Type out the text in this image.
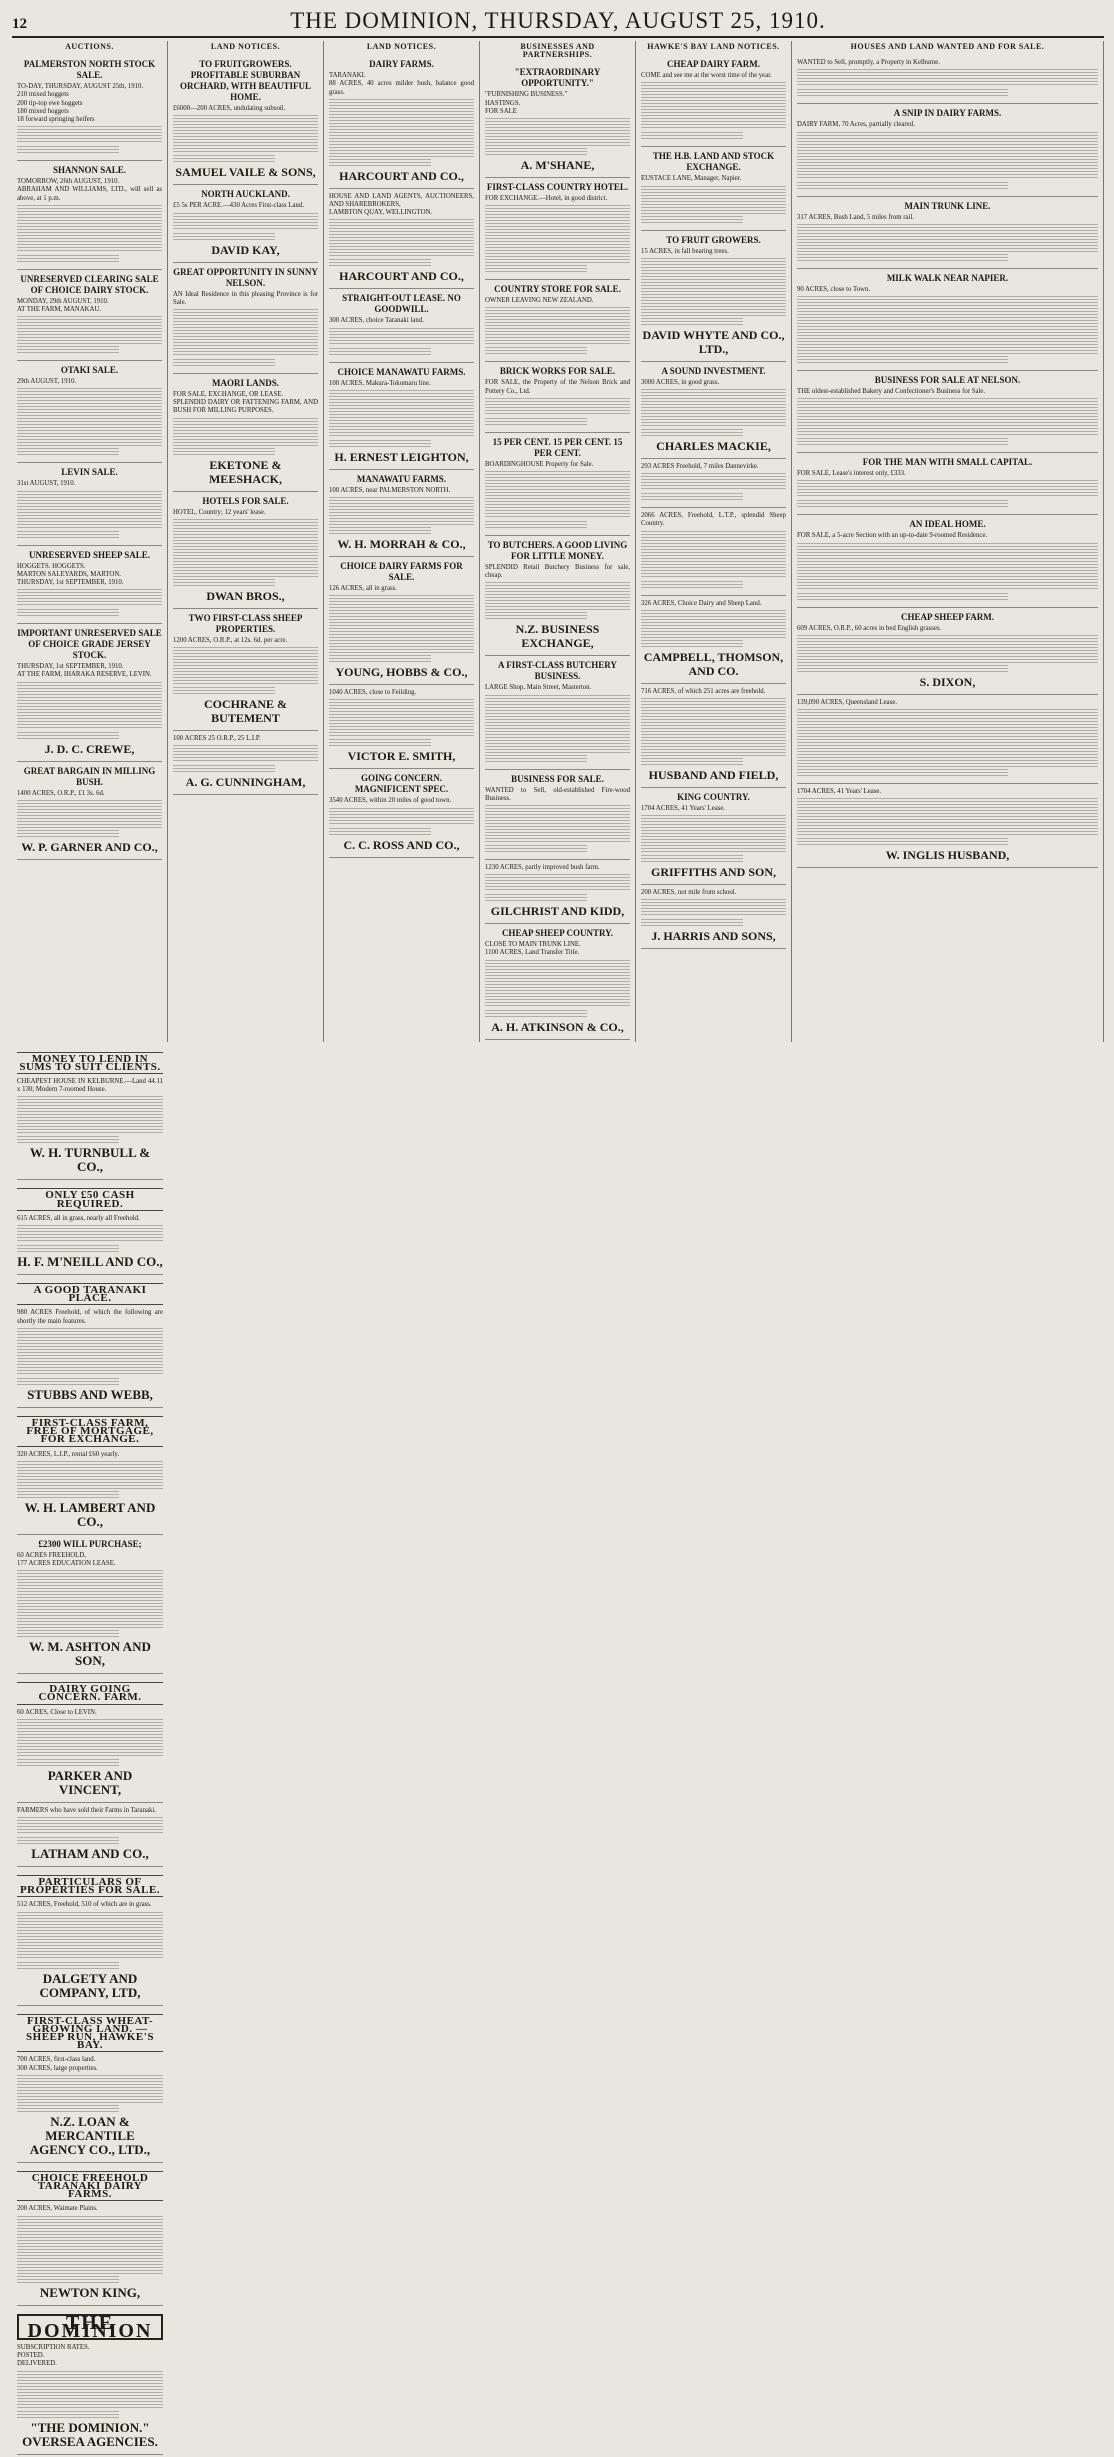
12	THE DOMINION, THURSDAY, AUGUST 25, 1910.
AUCTIONS.
PALMERSTON NORTH STOCK SALE.

TO-DAY, THURSDAY, AUGUST 25th, 1910.

210 mixed hoggets

200 tip-top ewe hoggets

180 mixed hoggets

18 forward springing heifers

SHANNON SALE.

TOMORROW, 26th AUGUST, 1910.

ABRAHAM AND WILLIAMS, LTD., will sell as above, at 1 p.m.

UNRESERVED CLEARING SALE OF CHOICE DAIRY STOCK.

MONDAY, 29th AUGUST, 1910.

AT THE FARM, MANAKAU.

OTAKI SALE.

29th AUGUST, 1910.

LEVIN SALE.

31st AUGUST, 1910.

UNRESERVED SHEEP SALE.

HOGGETS. HOGGETS.

MARTON SALEYARDS, MARTON.

THURSDAY, 1st SEPTEMBER, 1910.

IMPORTANT UNRESERVED SALE OF CHOICE GRADE JERSEY STOCK.

THURSDAY, 1st SEPTEMBER, 1910.

AT THE FARM, IHARAKA RESERVE, LEVIN.

J. D. C. CREWE,
GREAT BARGAIN IN MILLING BUSH.

1400 ACRES, O.R.P., £1 3s. 6d.

W. P. GARNER AND CO.,
LAND NOTICES.
TO FRUITGROWERS. PROFITABLE SUBURBAN ORCHARD, WITH BEAUTIFUL HOME.

£6000—200 ACRES, undulating subsoil.

SAMUEL VAILE & SONS,
NORTH AUCKLAND.

£5 5s PER ACRE.—430 Acres First-class Land.

DAVID KAY,
GREAT OPPORTUNITY IN SUNNY NELSON.

AN Ideal Residence in this pleasing Province is for Sale.

MAORI LANDS.

FOR SALE, EXCHANGE, OR LEASE.

SPLENDID DAIRY OR FATTENING FARM, AND BUSH FOR MILLING PURPOSES.

EKETONE & MEESHACK,
HOTELS FOR SALE.

HOTEL, Country; 12 years' lease.

DWAN BROS.,
TWO FIRST-CLASS SHEEP PROPERTIES.

1200 ACRES, O.R.P., at 12s. 6d. per acre.

COCHRANE & BUTEMENT

100 ACRES 25 O.R.P., 25 L.I.P.

A. G. CUNNINGHAM,
LAND NOTICES.
DAIRY FARMS.

TARANAKI.

88 ACRES, 40 acres milder bush, balance good grass.

HARCOURT AND CO.,

HOUSE AND LAND AGENTS, AUCTIONEERS, AND SHAREBROKERS,

LAMBTON QUAY, WELLINGTON.

HARCOURT AND CO.,
STRAIGHT-OUT LEASE. NO GOODWILL.

300 ACRES, choice Taranaki land.

CHOICE MANAWATU FARMS.

100 ACRES, Makura-Tokomaru line.

H. ERNEST LEIGHTON,
MANAWATU FARMS.

100 ACRES, near PALMERSTON NORTH.

W. H. MORRAH & CO.,
CHOICE DAIRY FARMS FOR SALE.

126 ACRES, all in grass.

YOUNG, HOBBS & CO.,

1040 ACRES, close to Feilding.

VICTOR E. SMITH,
GOING CONCERN. MAGNIFICENT SPEC.

3540 ACRES, within 20 miles of good town.

C. C. ROSS AND CO.,
BUSINESSES AND PARTNERSHIPS.
"EXTRAORDINARY OPPORTUNITY."

"FURNISHING BUSINESS."

HASTINGS.

FOR SALE

A. M'SHANE,
FIRST-CLASS COUNTRY HOTEL.

FOR EXCHANGE.—Hotel, in good district.

COUNTRY STORE FOR SALE.

OWNER LEAVING NEW ZEALAND.

BRICK WORKS FOR SALE.

FOR SALE, the Property of the Nelson Brick and Pottery Co., Ltd.

15 PER CENT. 15 PER CENT. 15 PER CENT.

BOARDINGHOUSE Property for Sale.

TO BUTCHERS. A GOOD LIVING FOR LITTLE MONEY.

SPLENDID Retail Butchery Business for sale, cheap.

N.Z. BUSINESS EXCHANGE,
A FIRST-CLASS BUTCHERY BUSINESS.

LARGE Shop, Main Street, Masterton.

BUSINESS FOR SALE.

WANTED to Sell, old-established Fire-wood Business.

1230 ACRES, partly improved bush farm.

GILCHRIST AND KIDD,
CHEAP SHEEP COUNTRY.

CLOSE TO MAIN TRUNK LINE.

1100 ACRES, Land Transfer Title.

A. H. ATKINSON & CO.,
HAWKE'S BAY LAND NOTICES.
CHEAP DAIRY FARM.

COME and see me at the worst time of the year.

THE H.B. LAND AND STOCK EXCHANGE.

EUSTACE LANE, Manager, Napier.

TO FRUIT GROWERS.

15 ACRES, in fall bearing trees.

DAVID WHYTE AND CO., LTD.,
A SOUND INVESTMENT.

3000 ACRES, in good grass.

CHARLES MACKIE,

293 ACRES Freehold, 7 miles Dannevirke.

2066 ACRES, Freehold, L.T.P., splendid Sheep Country.

326 ACRES, Choice Dairy and Sheep Land.

CAMPBELL, THOMSON, AND CO.

716 ACRES, of which 251 acres are freehold.

HUSBAND AND FIELD,
KING COUNTRY.

1704 ACRES, 41 Years' Lease.

GRIFFITHS AND SON,

200 ACRES, not mile from school.

J. HARRIS AND SONS,
HOUSES AND LAND WANTED AND FOR SALE.

WANTED to Sell, promptly, a Property in Kelburne.

A SNIP IN DAIRY FARMS.

DAIRY FARM, 70 Acres, partially cleared.

MAIN TRUNK LINE.

317 ACRES, Bush Land, 5 miles from rail.

MILK WALK NEAR NAPIER.

90 ACRES, close to Town.

BUSINESS FOR SALE AT NELSON.

THE oldest-established Bakery and Confectioner's Business for Sale.

FOR THE MAN WITH SMALL CAPITAL.

FOR SALE, Lease's interest only, £333.

AN IDEAL HOME.

FOR SALE, a 5-acre Section with an up-to-date 9-roomed Residence.

CHEAP SHEEP FARM.

609 ACRES, O.R.P., 60 acres in bed English grasses.

S. DIXON,

139,090 ACRES, Queensland Lease.

1704 ACRES, 41 Years' Lease.

W. INGLIS HUSBAND,
MONEY TO LEND IN SUMS TO SUIT CLIENTS.

CHEAPEST HOUSE IN KELBURNE.—Land 44.11 x 130; Modern 7-roomed House.

W. H. TURNBULL & CO.,
ONLY £50 CASH REQUIRED.

615 ACRES, all in grass, nearly all Freehold.

H. F. M'NEILL AND CO.,
A GOOD TARANAKI PLACE.

980 ACRES Freehold, of which the following are shortly the main features.

STUBBS AND WEBB,
FIRST-CLASS FARM, FREE OF MORTGAGE, FOR EXCHANGE.

320 ACRES, L.I.P., rental £60 yearly.

W. H. LAMBERT AND CO.,
£2300 WILL PURCHASE;

60 ACRES FREEHOLD,

177 ACRES EDUCATION LEASE.

W. M. ASHTON AND SON,
DAIRY GOING CONCERN. FARM.

60 ACRES, Close to LEVIN.

PARKER AND VINCENT,

FARMERS who have sold their Farms in Taranaki.

LATHAM AND CO.,
PARTICULARS OF PROPERTIES FOR SALE.

512 ACRES, Freehold, 510 of which are in grass.

DALGETY AND COMPANY, LTD,
FIRST-CLASS WHEAT-GROWING LAND. — SHEEP RUN, HAWKE'S BAY.

700 ACRES, first-class land.

300 ACRES, large properties.

N.Z. LOAN & MERCANTILE AGENCY CO., LTD.,
CHOICE FREEHOLD TARANAKI DAIRY FARMS.

200 ACRES, Waimate Plains.

NEWTON KING,
THE DOMINION

SUBSCRIPTION RATES.

POSTED.

DELIVERED.

"THE DOMINION." OVERSEA AGENCIES.
